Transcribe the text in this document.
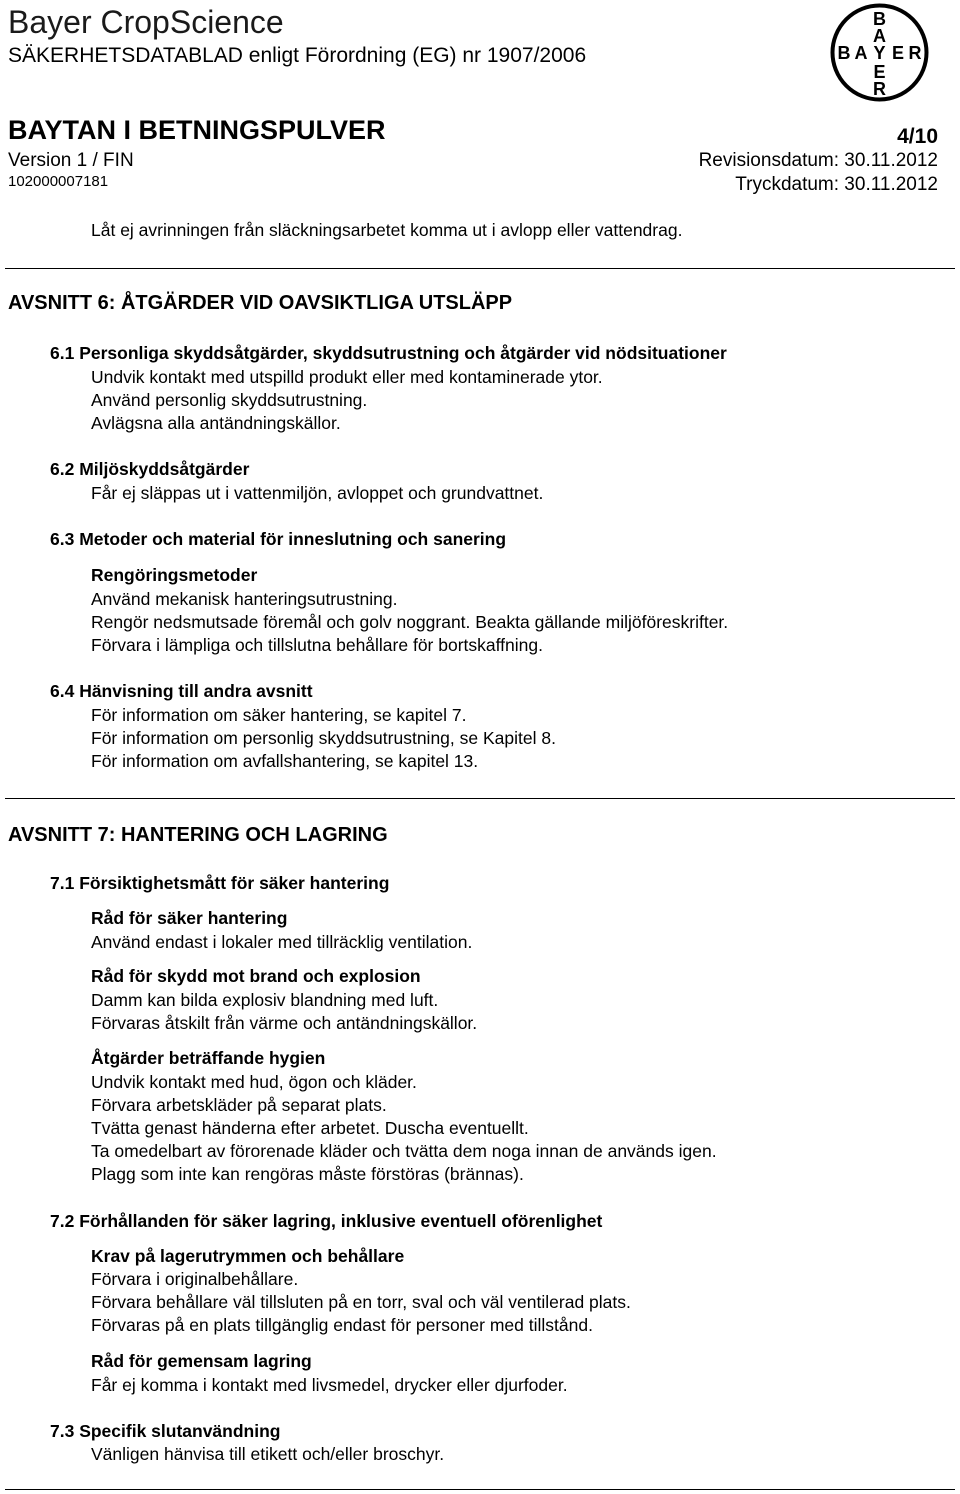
Bayer CropScience
SÄKERHETSDATABLAD enligt Förordning (EG) nr 1907/2006
BAYTAN I BETNINGSPULVER
Version 1 / FIN
102000007181
4/10
Revisionsdatum: 30.11.2012
Tryckdatum: 30.11.2012
B
A
B A Y E R
E
R
Låt ej avrinningen från släckningsarbetet komma ut i avlopp eller vattendrag.
AVSNITT 6: ÅTGÄRDER VID OAVSIKTLIGA UTSLÄPP
6.1 Personliga skyddsåtgärder, skyddsutrustning och åtgärder vid nödsituationer
Undvik kontakt med utspilld produkt eller med kontaminerade ytor.
Använd personlig skyddsutrustning.
Avlägsna alla antändningskällor.
6.2 Miljöskyddsåtgärder
Får ej släppas ut i vattenmiljön, avloppet och grundvattnet.
6.3 Metoder och material för inneslutning och sanering
Rengöringsmetoder
Använd mekanisk hanteringsutrustning.
Rengör nedsmutsade föremål och golv noggrant. Beakta gällande miljöföreskrifter.
Förvara i lämpliga och tillslutna behållare för bortskaffning.
6.4 Hänvisning till andra avsnitt
För information om säker hantering, se kapitel 7.
För information om personlig skyddsutrustning, se Kapitel 8.
För information om avfallshantering, se kapitel 13.
AVSNITT 7: HANTERING OCH LAGRING
7.1 Försiktighetsmått för säker hantering
Råd för säker hantering
Använd endast i lokaler med tillräcklig ventilation.
Råd för skydd mot brand och explosion
Damm kan bilda explosiv blandning med luft.
Förvaras åtskilt från värme och antändningskällor.
Åtgärder beträffande hygien
Undvik kontakt med hud, ögon och kläder.
Förvara arbetskläder på separat plats.
Tvätta genast händerna efter arbetet. Duscha eventuellt.
Ta omedelbart av förorenade kläder och tvätta dem noga innan de används igen.
Plagg som inte kan rengöras måste förstöras (brännas).
7.2 Förhållanden för säker lagring, inklusive eventuell oförenlighet
Krav på lagerutrymmen och behållare
Förvara i originalbehållare.
Förvara behållare väl tillsluten på en torr, sval och väl ventilerad plats.
Förvaras på en plats tillgänglig endast för personer med tillstånd.
Råd för gemensam lagring
Får ej komma i kontakt med livsmedel, drycker eller djurfoder.
7.3 Specifik slutanvändning
Vänligen hänvisa till etikett och/eller broschyr.
